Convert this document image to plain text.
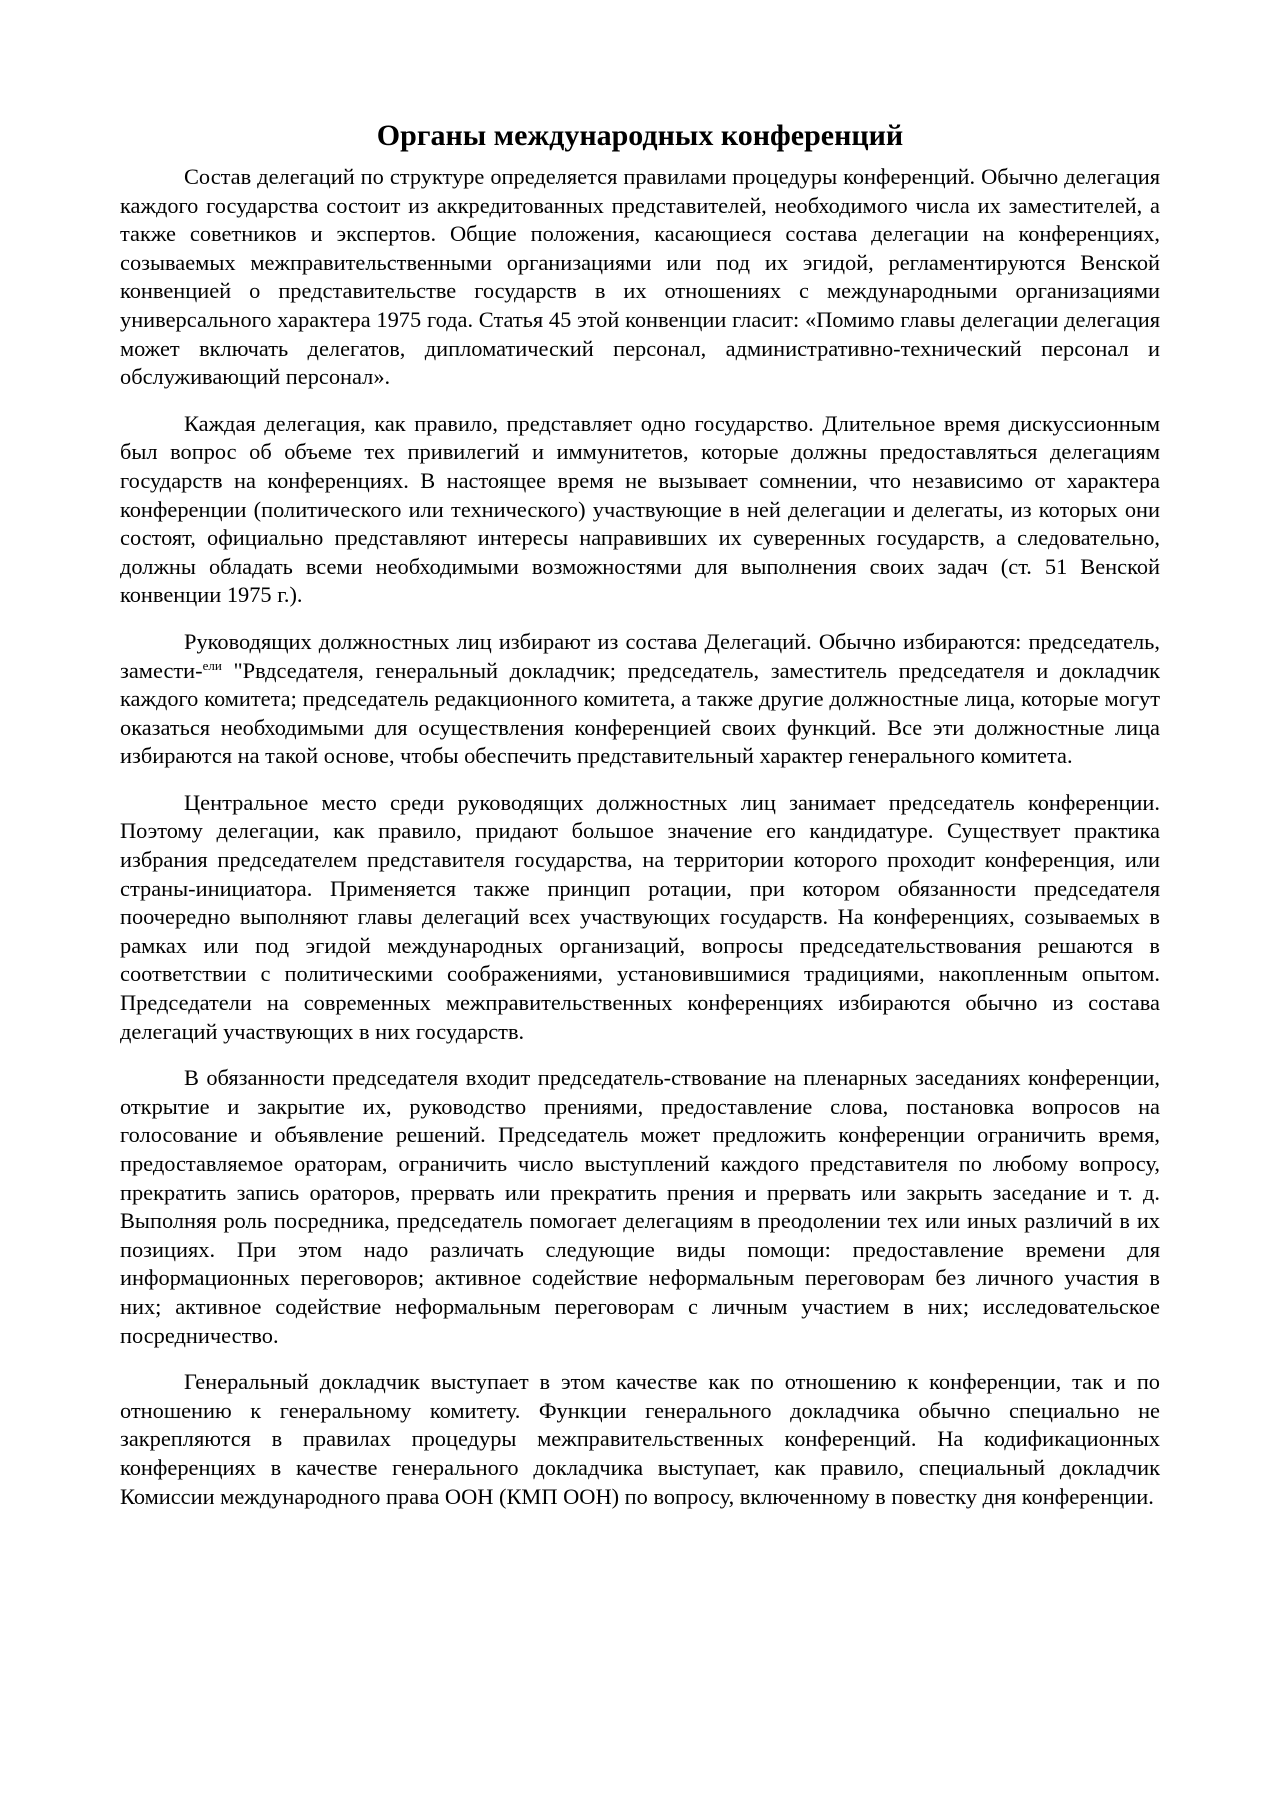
Органы международных конференций

Состав делегаций по структуре определяется правилами процедуры конференций. Обычно делегация каждого государства состоит из аккредитованных представителей, необходимого числа их заместителей, а также советников и экспертов. Общие положения, касающиеся состава делегации на конференциях, созываемых межправительственными организациями или под их эгидой, регламентируются Венской конвенцией о представительстве государств в их отношениях с международными организациями универсального характера 1975 года. Статья 45 этой конвенции гласит: «Помимо главы делегации делегация может включать делегатов, дипломатический персонал, административно-технический персонал и обслуживающий персонал».

Каждая делегация, как правило, представляет одно государство. Длительное время дискуссионным был вопрос об объеме тех привилегий и иммунитетов, которые должны предоставляться делегациям государств на конференциях. В настоящее время не вызывает сомнении, что независимо от характера конференции (политического или технического) участвующие в ней делегации и делегаты, из которых они состоят, официально представляют интересы направивших их суверенных государств, а следовательно, должны обладать всеми необходимыми возможностями для выполнения своих задач (ст. 51 Венской конвенции 1975 г.).

Руководящих должностных лиц избирают из состава Делегаций. Обычно избираются: председатель, замести-$^{ели}$ "Рвдседателя, генеральный докладчик; председатель, заместитель председателя и докладчик каждого комитета; председатель редакционного комитета, а также другие должностные лица, которые могут оказаться необходимыми для осуществления конференцией своих функций. Все эти должностные лица избираются на такой основе, чтобы обеспечить представительный характер генерального комитета.

Центральное место среди руководящих должностных лиц занимает председатель конференции. Поэтому делегации, как правило, придают большое значение его кандидатуре. Существует практика избрания председателем представителя государства, на территории которого проходит конференция, или страны-инициатора. Применяется также принцип ротации, при котором обязанности председателя поочередно выполняют главы делегаций всех участвующих государств. На конференциях, созываемых в рамках или под эгидой международных организаций, вопросы председательствования решаются в соответствии с политическими соображениями, установившимися традициями, накопленным опытом. Председатели на современных межправительственных конференциях избираются обычно из состава делегаций участвующих в них государств.

В обязанности председателя входит председатель-ствование на пленарных заседаниях конференции, открытие и закрытие их, руководство прениями, предоставление слова, постановка вопросов на голосование и объявление решений. Председатель может предложить конференции ограничить время, предоставляемое ораторам, ограничить число выступлений каждого представителя по любому вопросу, прекратить запись ораторов, прервать или прекратить прения и прервать или закрыть заседание и т. д. Выполняя роль посредника, председатель помогает делегациям в преодолении тех или иных различий в их позициях. При этом надо различать следующие виды помощи: предоставление времени для информационных переговоров; активное содействие неформальным переговорам без личного участия в них; активное содействие неформальным переговорам с личным участием в них; исследовательское посредничество.

Генеральный докладчик выступает в этом качестве как по отношению к конференции, так и по отношению к генеральному комитету. Функции генерального докладчика обычно специально не закрепляются в правилах процедуры межправительственных конференций. На кодификационных конференциях в качестве генерального докладчика выступает, как правило, специальный докладчик Комиссии международного права ООН (КМП ООН) по вопросу, включенному в повестку дня конференции.
